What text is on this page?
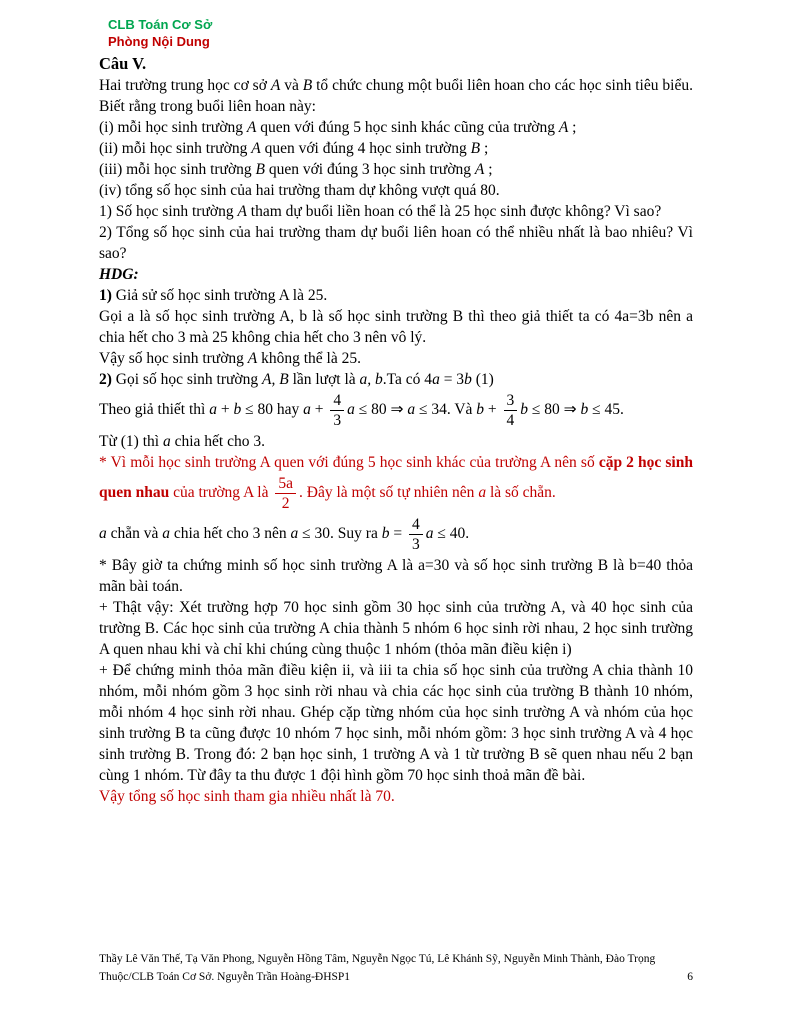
CLB Toán Cơ Sở
Phòng Nội Dung

Câu V.

Hai trường trung học cơ sở A và B tổ chức chung một buổi liên hoan cho các học sinh tiêu biểu. Biết rằng trong buổi liên hoan này:

(i) mỗi học sinh trường A quen với đúng 5 học sinh khác cũng của trường A ;

(ii) mỗi học sinh trường A quen với đúng 4 học sinh trường B ;

(iii) mỗi học sinh trường B quen với đúng 3 học sinh trường A ;

(iv) tổng số học sinh của hai trường tham dự không vượt quá 80.

1) Số học sinh trường A tham dự buổi liền hoan có thể là 25 học sinh được không? Vì sao?

2) Tổng số học sinh của hai trường tham dự buổi liên hoan có thể nhiều nhất là bao nhiêu? Vì sao?

HDG:

1) Giả sử số học sinh trường A là 25.

Gọi a là số học sinh trường A, b là số học sinh trường B thì theo giả thiết ta có 4a=3b nên a chia hết cho 3 mà 25 không chia hết cho 3 nên vô lý.

Vậy số học sinh trường A không thể là 25.

2) Gọi số học sinh trường A, B lần lượt là a, b.Ta có 4a = 3b (1)

Theo giả thiết thì a + b ≤ 80 hay $a + \frac{4}{3}$ a ≤ 80 ⇒ a ≤ 34. Và $b + \frac{3}{4}$ b ≤ 80 ⇒ b ≤ 45.

Từ (1) thì a chia hết cho 3.

* Vì mỗi học sinh trường A quen với đúng 5 học sinh khác của trường A nên số cặp 2 học sinh quen nhau của trường A là $\frac{5a}{2}$ . Đây là một số tự nhiên nên a là số chẵn.

a chẵn và a chia hết cho 3 nên a ≤ 30. Suy ra $b = \frac{4}{3}$ a ≤ 40.

* Bây giờ ta chứng minh số học sinh trường A là a=30 và số học sinh trường B là b=40 thỏa mãn bài toán.

+ Thật vậy: Xét trường hợp 70 học sinh gồm 30 học sinh của trường A, và 40 học sinh của trường B. Các học sinh của trường A chia thành 5 nhóm 6 học sinh rời nhau, 2 học sinh trường A quen nhau khi và chỉ khi chúng cùng thuộc 1 nhóm (thỏa mãn điều kiện i)

+ Để chứng minh thỏa mãn điều kiện ii, và iii ta chia số học sinh của trường A chia thành 10 nhóm, mỗi nhóm gồm 3 học sinh rời nhau và chia các học sinh của trường B thành 10 nhóm, mỗi nhóm 4 học sinh rời nhau. Ghép cặp từng nhóm của học sinh trường A và nhóm của học sinh trường B ta cũng được 10 nhóm 7 học sinh, mỗi nhóm gồm: 3 học sinh trường A và 4 học sinh trường B. Trong đó: 2 bạn học sinh, 1 trường A và 1 từ trường B sẽ quen nhau nếu 2 bạn cùng 1 nhóm. Từ đây ta thu được 1 đội hình gồm 70 học sinh thoả mãn đề bài.

Vậy tổng số học sinh tham gia nhiều nhất là 70.

Thầy Lê Văn Thế, Tạ Văn Phong, Nguyễn Hồng Tâm, Nguyễn Ngọc Tú, Lê Khánh Sỹ, Nguyễn Minh Thành, Đào Trọng Thuộc/CLB Toán Cơ Sở. Nguyễn Trần Hoàng-ĐHSP1	6
